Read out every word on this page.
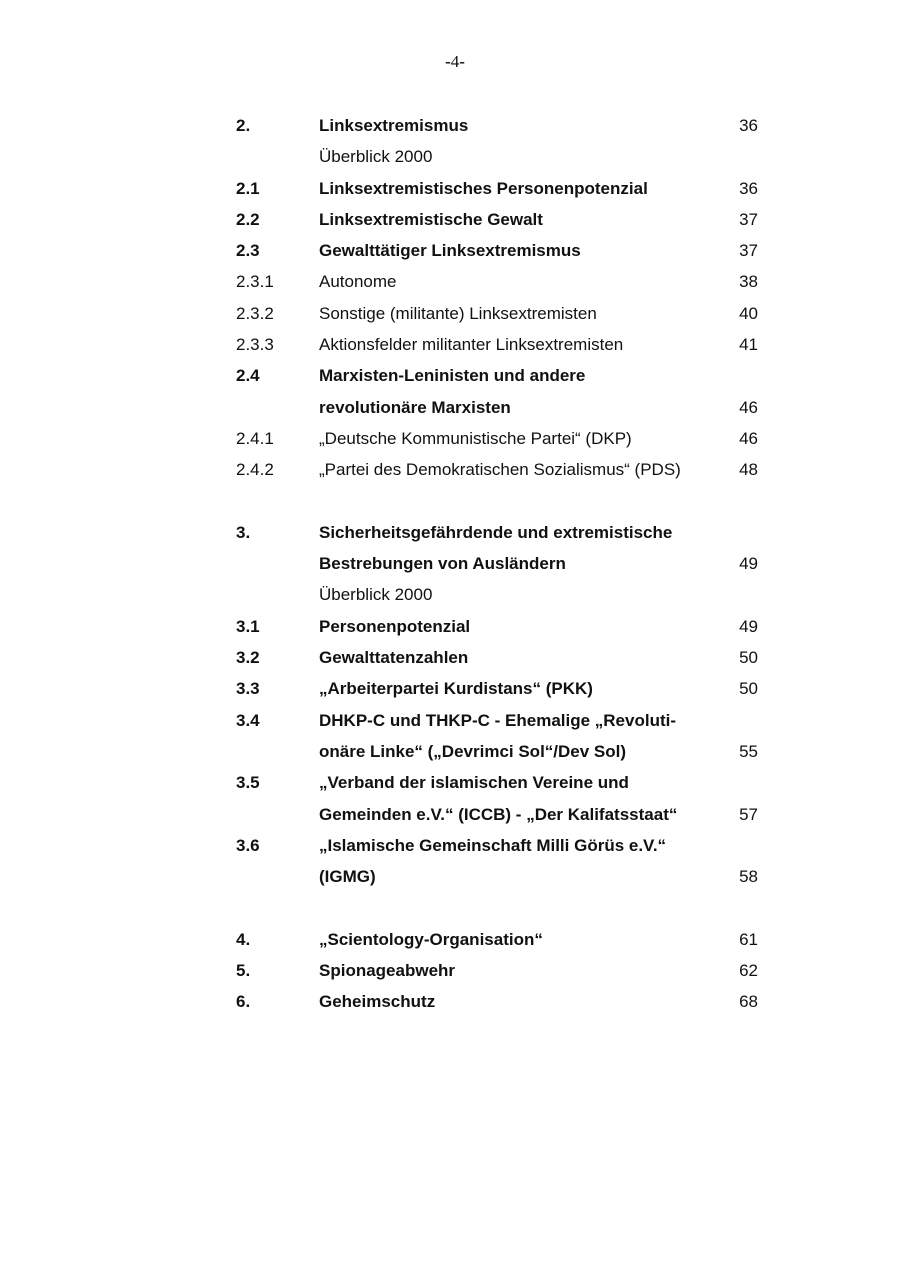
-4-
2.	Linksextremismus	36
Überblick 2000
2.1	Linksextremistisches Personenpotenzial	36
2.2	Linksextremistische Gewalt	37
2.3	Gewalttätiger Linksextremismus	37
2.3.1	Autonome	38
2.3.2	Sonstige (militante) Linksextremisten	40
2.3.3	Aktionsfelder militanter Linksextremisten	41
2.4	Marxisten-Leninisten und andere
revolutionäre Marxisten	46
2.4.1	„Deutsche Kommunistische Partei“ (DKP)	46
2.4.2	„Partei des Demokratischen Sozialismus“ (PDS)	48
3.	Sicherheitsgefährdende und extremistische
Bestrebungen von Ausländern	49
Überblick 2000
3.1	Personenpotenzial	49
3.2	Gewalttatenzahlen	50
3.3	„Arbeiterpartei Kurdistans“ (PKK)	50
3.4	DHKP-C und THKP-C - Ehemalige „Revoluti-
onäre Linke“ („Devrimci Sol“/Dev Sol)	55
3.5	„Verband der islamischen Vereine und
Gemeinden e.V.“ (ICCB) - „Der Kalifatsstaat“	57
3.6	„Islamische Gemeinschaft Milli Görüs e.V.“
(IGMG)	58
4.	„Scientology-Organisation“	61
5.	Spionageabwehr	62
6.	Geheimschutz	68
